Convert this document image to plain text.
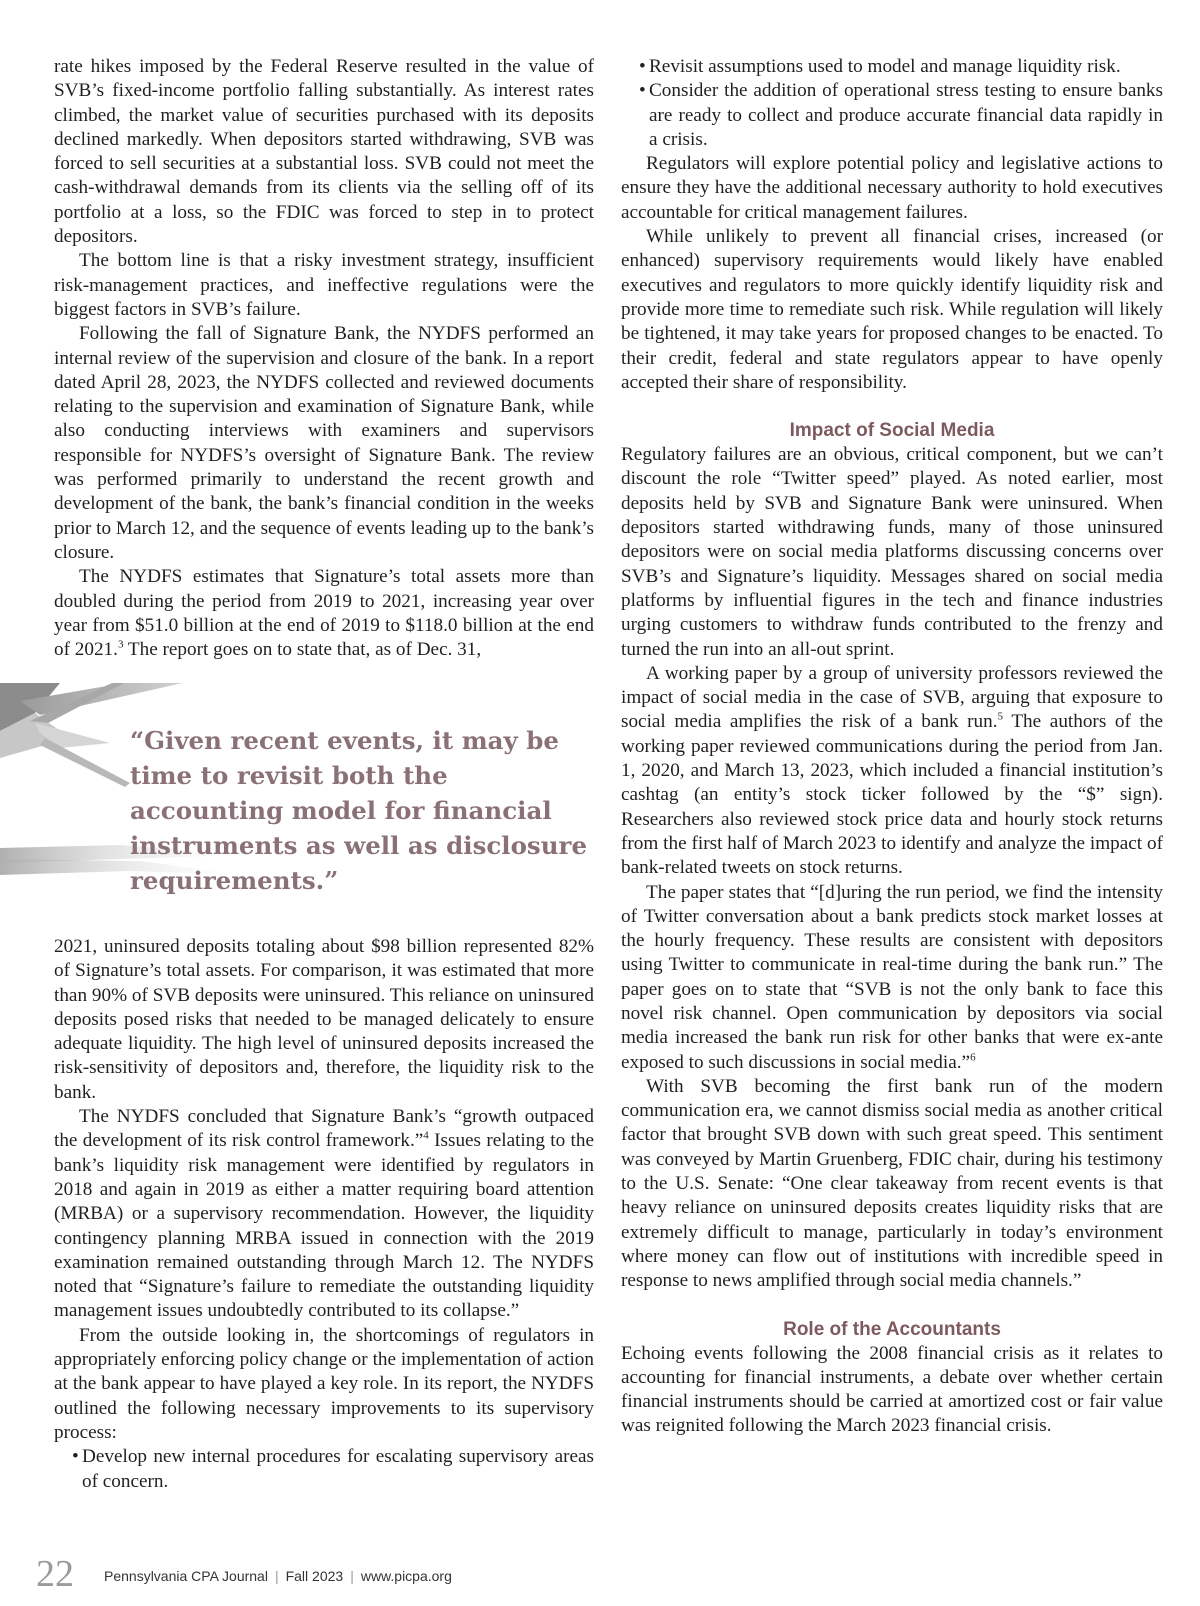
rate hikes imposed by the Federal Reserve resulted in the value of SVB’s fixed-income portfolio falling substantially. As interest rates climbed, the market value of securities purchased with its deposits declined markedly. When depositors started withdrawing, SVB was forced to sell securities at a substantial loss. SVB could not meet the cash-withdrawal demands from its clients via the selling off of its portfolio at a loss, so the FDIC was forced to step in to protect depositors.

The bottom line is that a risky investment strategy, insufficient risk-management practices, and ineffective regulations were the biggest factors in SVB’s failure.

Following the fall of Signature Bank, the NYDFS performed an internal review of the supervision and closure of the bank. In a report dated April 28, 2023, the NYDFS collected and reviewed documents relating to the supervision and examination of Signature Bank, while also conducting interviews with examiners and supervisors responsible for NYDFS’s oversight of Signature Bank. The review was performed primarily to understand the recent growth and development of the bank, the bank’s financial condition in the weeks prior to March 12, and the sequence of events leading up to the bank’s closure.

The NYDFS estimates that Signature’s total assets more than doubled during the period from 2019 to 2021, increasing year over year from $51.0 billion at the end of 2019 to $118.0 billion at the end of 2021.$^3$ The report goes on to state that, as of Dec. 31,

“Given recent events, it may be time to revisit both the accounting model for financial instruments as well as disclosure requirements.”

2021, uninsured deposits totaling about $98 billion represented 82% of Signature’s total assets. For comparison, it was estimated that more than 90% of SVB deposits were uninsured. This reliance on uninsured deposits posed risks that needed to be managed delicately to ensure adequate liquidity. The high level of uninsured deposits increased the risk-sensitivity of depositors and, therefore, the liquidity risk to the bank.

The NYDFS concluded that Signature Bank’s “growth outpaced the development of its risk control framework.”$^4$ Issues relating to the bank’s liquidity risk management were identified by regulators in 2018 and again in 2019 as either a matter requiring board attention (MRBA) or a supervisory recommendation. However, the liquidity contingency planning MRBA issued in connection with the 2019 examination remained outstanding through March 12. The NYDFS noted that “Signature’s failure to remediate the outstanding liquidity management issues undoubtedly contributed to its collapse.”

From the outside looking in, the shortcomings of regulators in appropriately enforcing policy change or the implementation of action at the bank appear to have played a key role. In its report, the NYDFS outlined the following necessary improvements to its supervisory process:

• Develop new internal procedures for escalating supervisory areas of concern.
• Revisit assumptions used to model and manage liquidity risk.
• Consider the addition of operational stress testing to ensure banks are ready to collect and produce accurate financial data rapidly in a crisis.

Regulators will explore potential policy and legislative actions to ensure they have the additional necessary authority to hold executives accountable for critical management failures.

While unlikely to prevent all financial crises, increased (or enhanced) supervisory requirements would likely have enabled executives and regulators to more quickly identify liquidity risk and provide more time to remediate such risk. While regulation will likely be tightened, it may take years for proposed changes to be enacted. To their credit, federal and state regulators appear to have openly accepted their share of responsibility.

Impact of Social Media

Regulatory failures are an obvious, critical component, but we can’t discount the role “Twitter speed” played. As noted earlier, most deposits held by SVB and Signature Bank were uninsured. When depositors started withdrawing funds, many of those uninsured depositors were on social media platforms discussing concerns over SVB’s and Signature’s liquidity. Messages shared on social media platforms by influential figures in the tech and finance industries urging customers to withdraw funds contributed to the frenzy and turned the run into an all-out sprint.

A working paper by a group of university professors reviewed the impact of social media in the case of SVB, arguing that exposure to social media amplifies the risk of a bank run.$^5$ The authors of the working paper reviewed communications during the period from Jan. 1, 2020, and March 13, 2023, which included a financial institution’s cashtag (an entity’s stock ticker followed by the “$” sign). Researchers also reviewed stock price data and hourly stock returns from the first half of March 2023 to identify and analyze the impact of bank-related tweets on stock returns.

The paper states that “[d]uring the run period, we find the intensity of Twitter conversation about a bank predicts stock market losses at the hourly frequency. These results are consistent with depositors using Twitter to communicate in real-time during the bank run.” The paper goes on to state that “SVB is not the only bank to face this novel risk channel. Open communication by depositors via social media increased the bank run risk for other banks that were ex-ante exposed to such discussions in social media.”$^6$

With SVB becoming the first bank run of the modern communication era, we cannot dismiss social media as another critical factor that brought SVB down with such great speed. This sentiment was conveyed by Martin Gruenberg, FDIC chair, during his testimony to the U.S. Senate: “One clear takeaway from recent events is that heavy reliance on uninsured deposits creates liquidity risks that are extremely difficult to manage, particularly in today’s environment where money can flow out of institutions with incredible speed in response to news amplified through social media channels.”

Role of the Accountants

Echoing events following the 2008 financial crisis as it relates to accounting for financial instruments, a debate over whether certain financial instruments should be carried at amortized cost or fair value was reignited following the March 2023 financial crisis.

22 Pennsylvania CPA Journal | Fall 2023 | www.picpa.org
